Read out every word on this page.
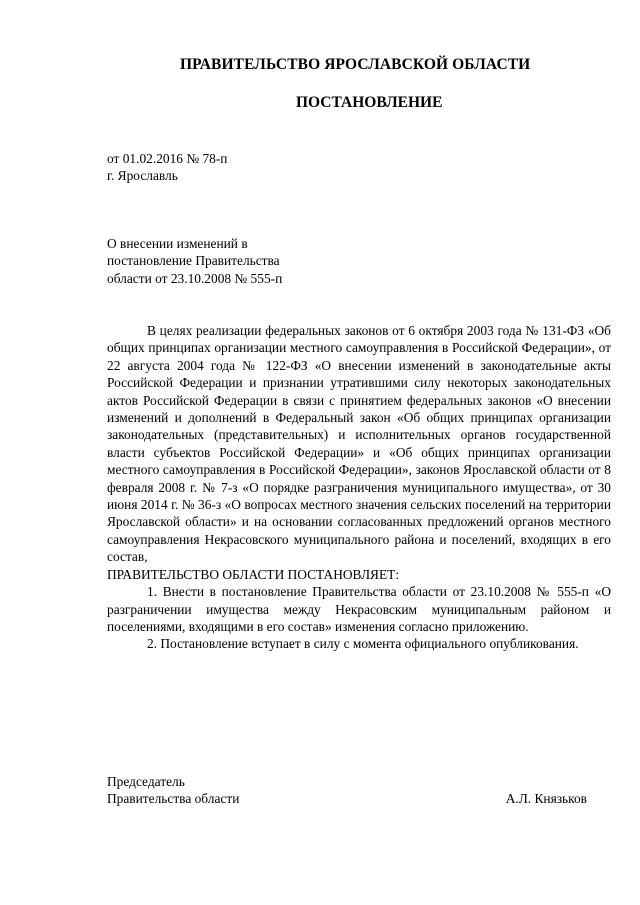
ПРАВИТЕЛЬСТВО ЯРОСЛАВСКОЙ ОБЛАСТИ
ПОСТАНОВЛЕНИЕ
от 01.02.2016 № 78-п
г. Ярославль
О внесении изменений в
постановление Правительства
области от 23.10.2008 № 555-п

В целях реализации федеральных законов от 6 октября 2003 года № 131-ФЗ «Об общих принципах организации местного самоуправления в Российской Федерации», от 22 августа 2004 года № 122-ФЗ «О внесении изменений в законодательные акты Российской Федерации и признании утратившими силу некоторых законодательных актов Российской Федерации в связи с принятием федеральных законов «О внесении изменений и дополнений в Федеральный закон «Об общих принципах организации законодательных (представительных) и исполнительных органов государственной власти субъектов Российской Федерации» и «Об общих принципах организации местного самоуправления в Российской Федерации», законов Ярославской области от 8 февраля 2008 г. № 7-з «О порядке разграничения муниципального имущества», от 30 июня 2014 г. № 36-з «О вопросах местного значения сельских поселений на территории Ярославской области» и на основании согласованных предложений органов местного самоуправления Некрасовского муниципального района и поселений, входящих в его состав,

ПРАВИТЕЛЬСТВО ОБЛАСТИ ПОСТАНОВЛЯЕТ:

1. Внести в постановление Правительства области от 23.10.2008 № 555-п «О разграничении имущества между Некрасовским муниципальным районом и поселениями, входящими в его состав» изменения согласно приложению.

2. Постановление вступает в силу с момента официального опубликования.

Председатель
Правительства области	А.Л. Князьков
